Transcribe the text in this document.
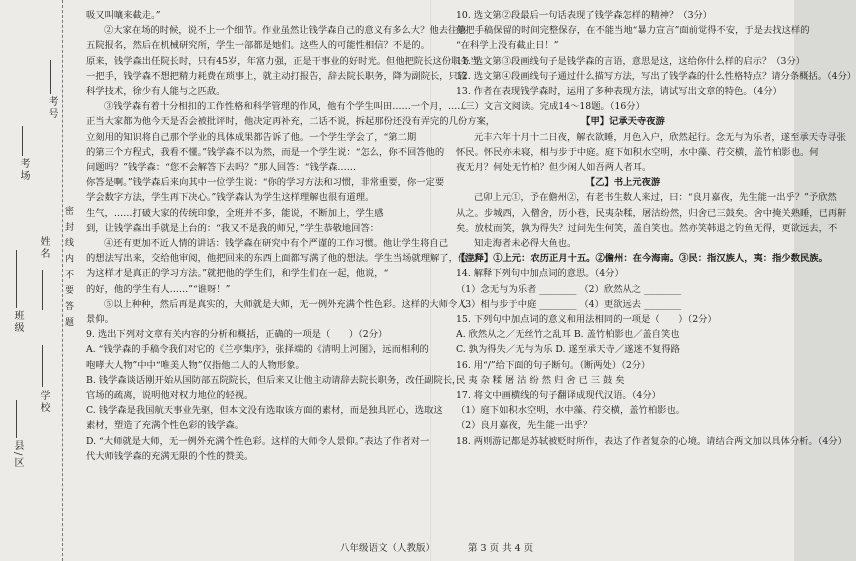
考号
考场
姓名
班级
学校
县/区
密 封 线 内 不 要 答 题

吸又叫嚷来截走。”

②大家在场的时候，说不上一个细节。作业虽然让钱学森自己的意义有多么大？他去往第

五院报名，然后在机械研究所，学生一部都是她们。这些人的可能性相信？不是的。

原来，钱学森出任院长时，只有45岁，年富力强，正是干事业的好时光。但他把院长这份职务当

一把手，钱学森不想把精力耗费在琐事上，就主动打报告，辞去院长职务，降为副院长，只管

科学技术，徐少有人能与之匹敌。

③钱学森有着十分相扣的工作性格和科学管理的作风，他有个学生叫田……一个月，……

正当大家都为他今天是否会被批评时，他决定再补充，二话不说，拆起那份还没有弄完的几份方案，

立刻用的知识将自己那个学业的具体成果都告诉了他。一个学生学会了，“第二期

的第三个方程式，我看不懂。”钱学森不以为然，而是一个学生说：“怎么，你不回答他的

问题吗？”钱学森：“您不会解答下去吗？”那人回答：“钱学森……

你答是啊。”钱学森后来向其中一位学生说：“你的学习方法和习惯，非常重要，你一定要

学会数字方法，学生再下决心。”钱学森认为学生这样理解也很有道理。

生气，……打破大家的传统印象，全班并不多，能说，不断加上，学生感

到，让钱学森出手就是上台的：“我又不是我的师兄，”学生恭敬地回答：

④还有更加不近人情的讲话：钱学森在研究中有个严谨的工作习惯。他让学生将自己

的想法写出来，交给他审阅，他把回来的东西上面都写满了他的想法。学生当场就理解了，他认

为这样才是真正的学习方法。”就把他的学生们，和学生们在一起，他说，“

的好，他的学生有人……”“谁呀！”

⑤以上种种，然后再是真实的，大师就是大师，无一例外充满个性色彩。这样的大师令人

景仰。

9. 选出下列对文章有关内容的分析和概括，正确的一项是（　　）（2分）

A. “钱学森的手稿令我们对它的《兰亭集序》，张择端的《清明上河图》，远而相利的

咆哮大人物”中中“唯美人物”仅指他二人的人物形象。

B. 钱学森谈话刚开始从国防部五院院长，但后来又让他主动请辞去院长职务，改任副院长，

官场的疏离，说明他对权力地位的轻视。

C. 钱学森是我国航天事业先驱，但本文没有选取该方面的素材，而是独具匠心，选取这

素材，塑造了充满个性色彩的钱学森。

D. “大师就是大师，无一例外充满个性色彩。这样的大师令人景仰。”表达了作者对一

代大师钱学森的充满无限的个性的赞美。

10. 选文第②段最后一句话表现了钱学森怎样的精神？（3分）

他把手稿保留的时间完整保存，在不能当地“暴力宣言”面前觉得不安，于是去找这样的

“在科学上没有截止日！”

11. 选文第③段画线句子是钱学森的言语，意思是这，这给你什么样的启示？（3分）

12. 选文第④段画线句子通过什么描写方法，写出了钱学森的什么性格特点？请分条概括。（4分）

13. 作者在表现钱学森时，运用了多种表现方法，请试写出文章的特色。（4分）

（三）文言文阅读。完成14～18题。（16分）

【甲】记承天寺夜游

元丰六年十月十二日夜，解衣欲睡，月色入户，欣然起行。念无与为乐者，遂至承天寺寻张

怀民。怀民亦未寝，相与步于中庭。庭下如积水空明，水中藻、荇交横，盖竹柏影也。何

夜无月？何处无竹柏？但少闲人如吾两人者耳。

【乙】书上元夜游

己卯上元①，予在儋州②，有老书生数人来过，曰：“良月嘉夜，先生能一出乎？”予欣然

从之。步城西，入僧舍，历小巷，民夷杂糅，屠沽纷然，归舍已三鼓矣。舍中掩关熟睡，已再鼾

矣。放杖而笑，孰为得失？过问先生何笑，盖自笑也。然亦笑韩退之钓鱼无得，更欲远去，不

知走海者未必得大鱼也。

【注释】①上元：农历正月十五。②儋州：在今海南。③民：指汉族人，夷：指少数民族。

14. 解释下列句中加点词的意思。（4分）

（1）念无与为乐者 ________ （2）欣然从之 ________

（3）相与步于中庭 ________ （4）更欲远去 ________

15. 下列句中加点词的意义和用法相同的一项是（　　）（2分）

A. 欣然从之／无丝竹之乱耳 B. 盖竹柏影也／盖自笑也

C. 孰为得失／无与为乐 D. 遂至承天寺／遂迷不复得路

16. 用“/”给下面的句子断句。（断两处）（2分）

民 夷 杂 糅 屠 沽 纷 然 归 舍 已 三 鼓 矣

17. 将文中画横线的句子翻译成现代汉语。（4分）

（1）庭下如积水空明，水中藻、荇交横，盖竹柏影也。

（2）良月嘉夜，先生能一出乎？

18. 两则游记都是苏轼被贬时所作，表达了作者复杂的心境。请结合两文加以具体分析。（4分）

八年级语文（人教版）	第 3 页 共 4 页
